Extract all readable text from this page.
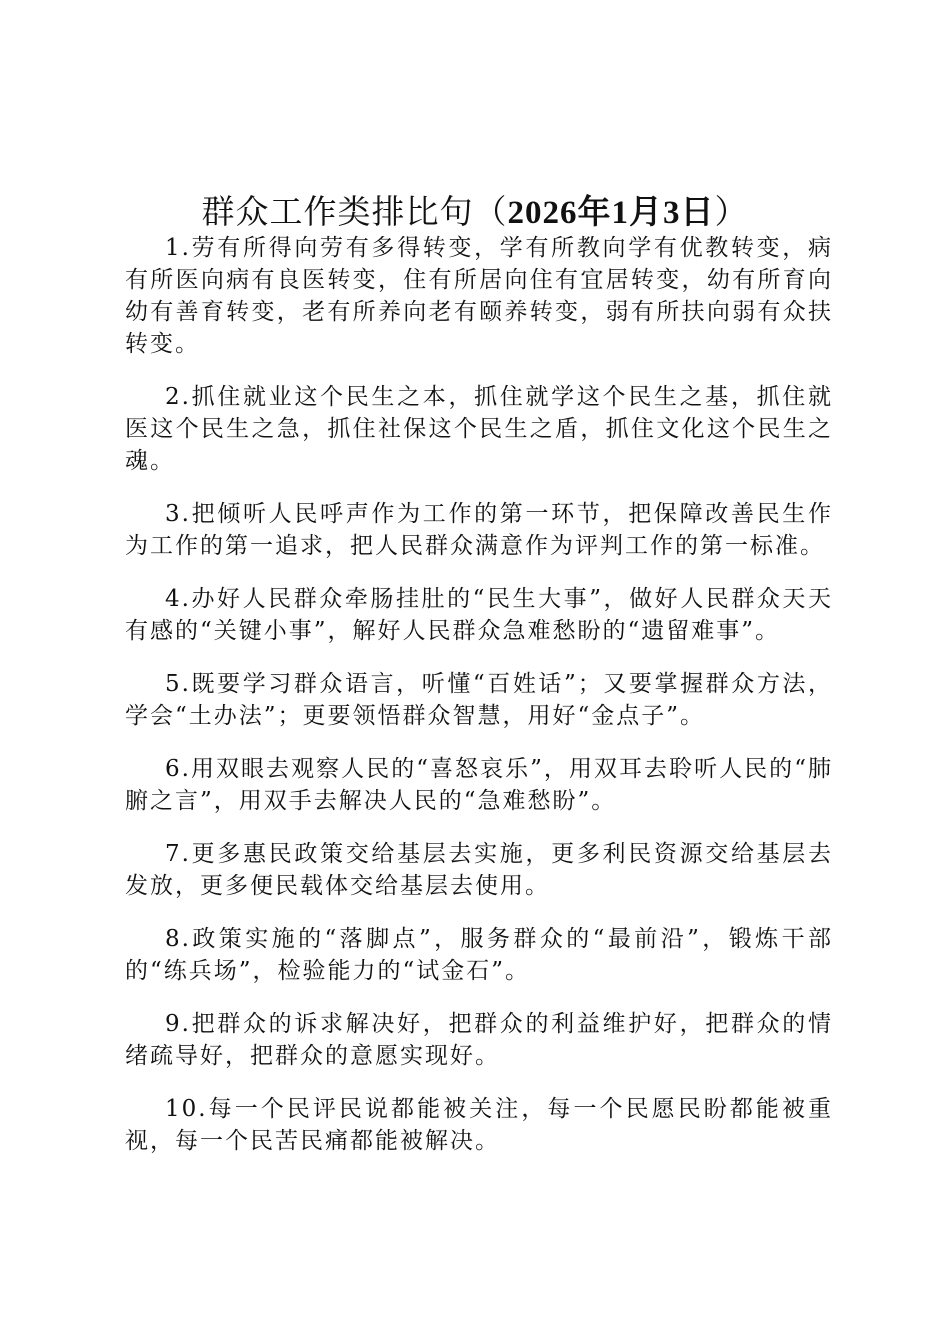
群众工作类排比句（2026年1月3日）

1.劳有所得向劳有多得转变，学有所教向学有优教转变，病有所医向病有良医转变，住有所居向住有宜居转变，幼有所育向幼有善育转变，老有所养向老有颐养转变，弱有所扶向弱有众扶转变。

2.抓住就业这个民生之本，抓住就学这个民生之基，抓住就医这个民生之急，抓住社保这个民生之盾，抓住文化这个民生之魂。

3.把倾听人民呼声作为工作的第一环节，把保障改善民生作为工作的第一追求，把人民群众满意作为评判工作的第一标准。

4.办好人民群众牵肠挂肚的“民生大事”，做好人民群众天天有感的“关键小事”，解好人民群众急难愁盼的“遗留难事”。

5.既要学习群众语言，听懂“百姓话”；又要掌握群众方法，学会“土办法”；更要领悟群众智慧，用好“金点子”。

6.用双眼去观察人民的“喜怒哀乐”，用双耳去聆听人民的“肺腑之言”，用双手去解决人民的“急难愁盼”。

7.更多惠民政策交给基层去实施，更多利民资源交给基层去发放，更多便民载体交给基层去使用。

8.政策实施的“落脚点”，服务群众的“最前沿”，锻炼干部的“练兵场”，检验能力的“试金石”。

9.把群众的诉求解决好，把群众的利益维护好，把群众的情绪疏导好，把群众的意愿实现好。

10.每一个民评民说都能被关注，每一个民愿民盼都能被重视，每一个民苦民痛都能被解决。
